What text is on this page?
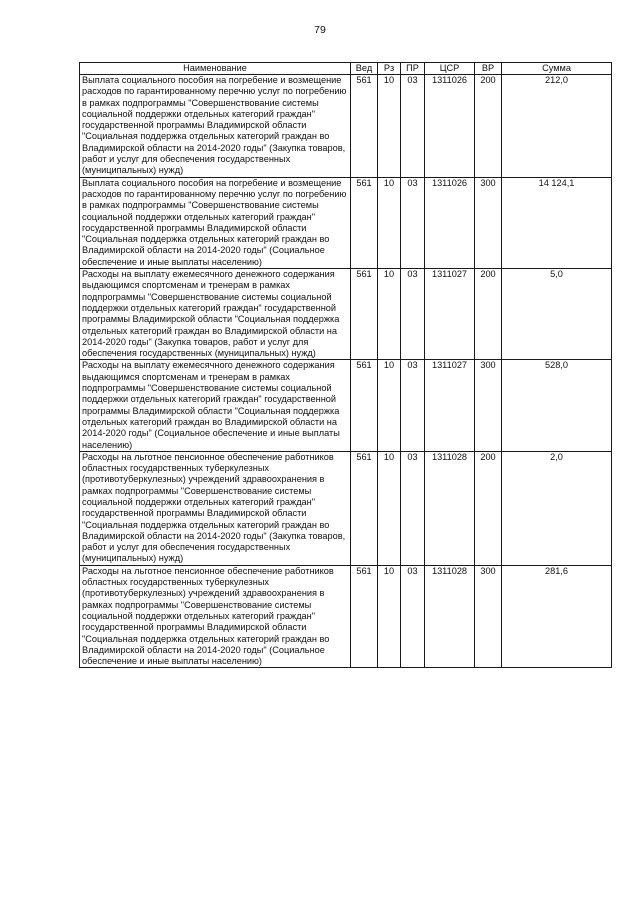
79
Наименование	Вед	Рз	ПР	ЦСР	ВР	Сумма
Выплата социального пособия на погребение и возмещение расходов по гарантированному перечню услуг по погребению в рамках подпрограммы "Совершенствование системы социальной поддержки отдельных категорий граждан" государственной программы Владимирской области "Социальная поддержка отдельных категорий граждан во Владимирской области на 2014-2020 годы" (Закупка товаров, работ и услуг для обеспечения государственных (муниципальных) нужд)	561	10	03	1311026	200	212,0
Выплата социального пособия на погребение и возмещение расходов по гарантированному перечню услуг по погребению в рамках подпрограммы "Совершенствование системы социальной поддержки отдельных категорий граждан" государственной программы Владимирской области "Социальная поддержка отдельных категорий граждан во Владимирской области на 2014-2020 годы" (Социальное обеспечение и иные выплаты населению)	561	10	03	1311026	300	14 124,1
Расходы на выплату ежемесячного денежного содержания выдающимся спортсменам и тренерам в рамках подпрограммы "Совершенствование системы социальной поддержки отдельных категорий граждан" государственной программы Владимирской области "Социальная поддержка отдельных категорий граждан во Владимирской области на 2014-2020 годы" (Закупка товаров, работ и услуг для обеспечения государственных (муниципальных) нужд)	561	10	03	1311027	200	5,0
Расходы на выплату ежемесячного денежного содержания выдающимся спортсменам и тренерам в рамках подпрограммы "Совершенствование системы социальной поддержки отдельных категорий граждан" государственной программы Владимирской области "Социальная поддержка отдельных категорий граждан во Владимирской области на 2014-2020 годы" (Социальное обеспечение и иные выплаты населению)	561	10	03	1311027	300	528,0
Расходы на льготное пенсионное обеспечение работников областных государственных туберкулезных (противотуберкулезных) учреждений здравоохранения в рамках подпрограммы "Совершенствование системы социальной поддержки отдельных категорий граждан" государственной программы Владимирской области "Социальная поддержка отдельных категорий граждан во Владимирской области на 2014-2020 годы" (Закупка товаров, работ и услуг для обеспечения государственных (муниципальных) нужд)	561	10	03	1311028	200	2,0
Расходы на льготное пенсионное обеспечение работников областных государственных туберкулезных (противотуберкулезных) учреждений здравоохранения в рамках подпрограммы "Совершенствование системы социальной поддержки отдельных категорий граждан" государственной программы Владимирской области "Социальная поддержка отдельных категорий граждан во Владимирской области на 2014-2020 годы" (Социальное обеспечение и иные выплаты населению)	561	10	03	1311028	300	281,6
